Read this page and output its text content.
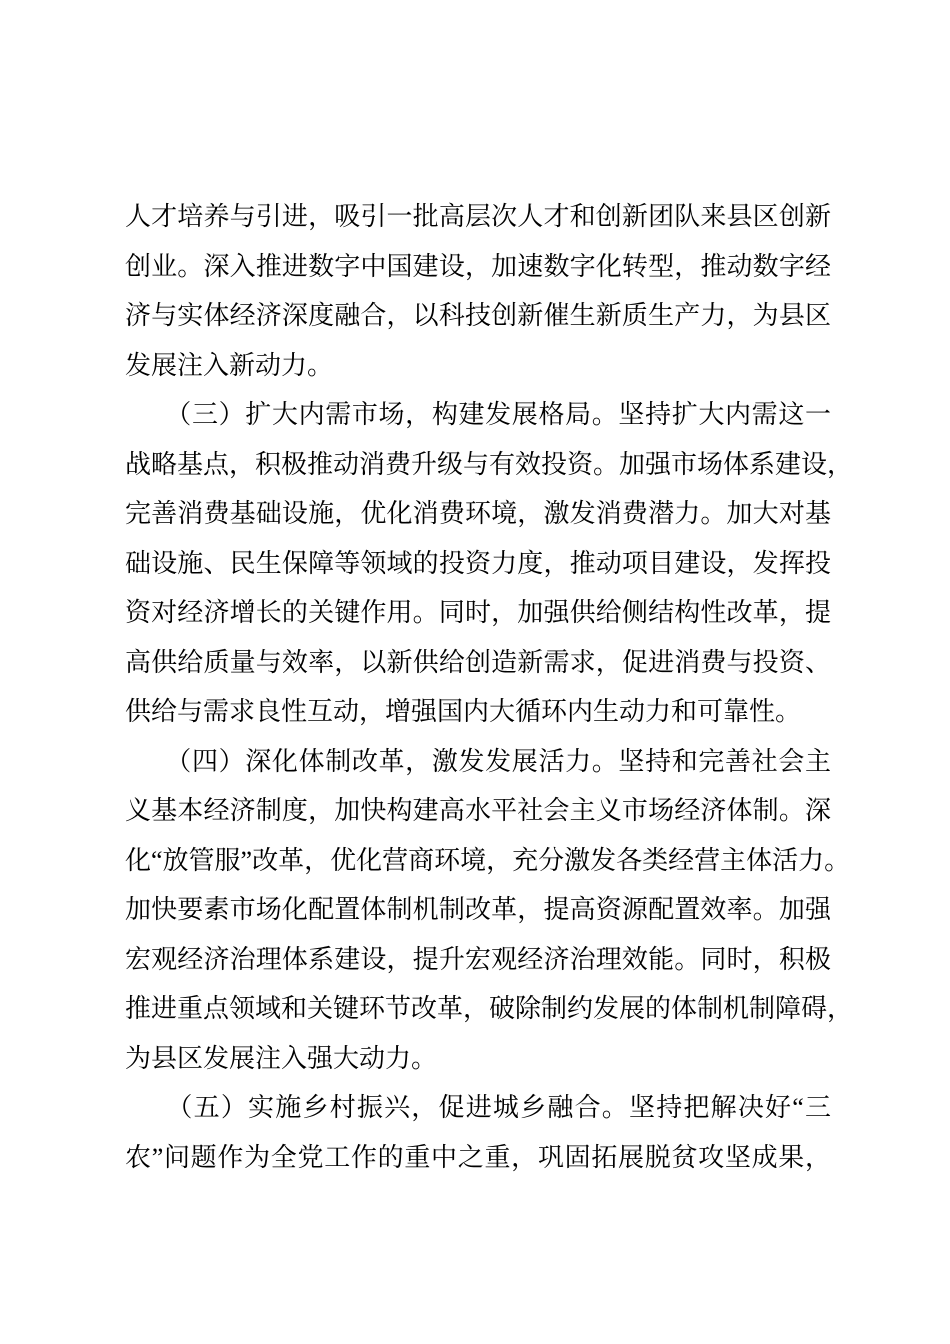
人才培养与引进，吸引一批高层次人才和创新团队来县区创新
创业。深入推进数字中国建设，加速数字化转型，推动数字经
济与实体经济深度融合，以科技创新催生新质生产力，为县区
发展注入新动力。
　　（三）扩大内需市场，构建发展格局。坚持扩大内需这一
战略基点，积极推动消费升级与有效投资。加强市场体系建设，
完善消费基础设施，优化消费环境，激发消费潜力。加大对基
础设施、民生保障等领域的投资力度，推动项目建设，发挥投
资对经济增长的关键作用。同时，加强供给侧结构性改革，提
高供给质量与效率，以新供给创造新需求，促进消费与投资、
供给与需求良性互动，增强国内大循环内生动力和可靠性。
　　（四）深化体制改革，激发发展活力。坚持和完善社会主
义基本经济制度，加快构建高水平社会主义市场经济体制。深
化“放管服”改革，优化营商环境，充分激发各类经营主体活力。
加快要素市场化配置体制机制改革，提高资源配置效率。加强
宏观经济治理体系建设，提升宏观经济治理效能。同时，积极
推进重点领域和关键环节改革，破除制约发展的体制机制障碍，
为县区发展注入强大动力。
　　（五）实施乡村振兴，促进城乡融合。坚持把解决好“三
农”问题作为全党工作的重中之重，巩固拓展脱贫攻坚成果，
